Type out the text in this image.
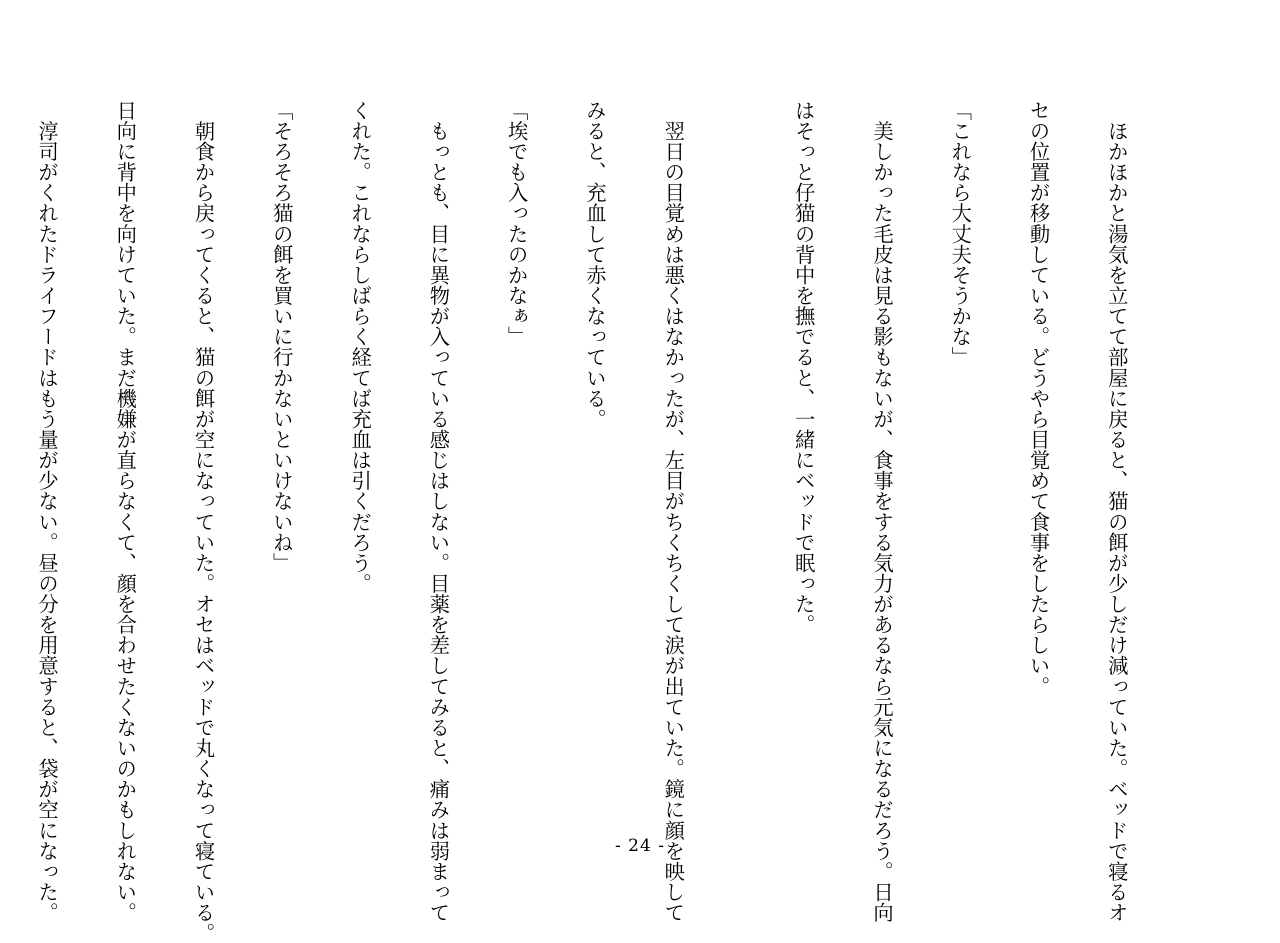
　ほかほかと湯気を立てて部屋に戻ると、猫の餌が少しだけ減っていた。ベッドで寝るオ

セの位置が移動している。どうやら目覚めて食事をしたらしい。

「これなら大丈夫そうかな」

　美しかった毛皮は見る影もないが、食事をする気力があるなら元気になるだろう。日向

はそっと仔猫の背中を撫でると、一緒にベッドで眠った。

　翌日の目覚めは悪くはなかったが、左目がちくちくして涙が出ていた。鏡に顔を映して

みると、充血して赤くなっている。

「埃でも入ったのかなぁ」

　もっとも、目に異物が入っている感じはしない。目薬を差してみると、痛みは弱まって

くれた。これならしばらく経てば充血は引くだろう。

「そろそろ猫の餌を買いに行かないといけないね」

　朝食から戻ってくると、猫の餌が空になっていた。オセはベッドで丸くなって寝ている。

日向に背中を向けていた。まだ機嫌が直らなくて、顔を合わせたくないのかもしれない。

　淳司がくれたドライフードはもう量が少ない。昼の分を用意すると、袋が空になった。

	- 24 -
